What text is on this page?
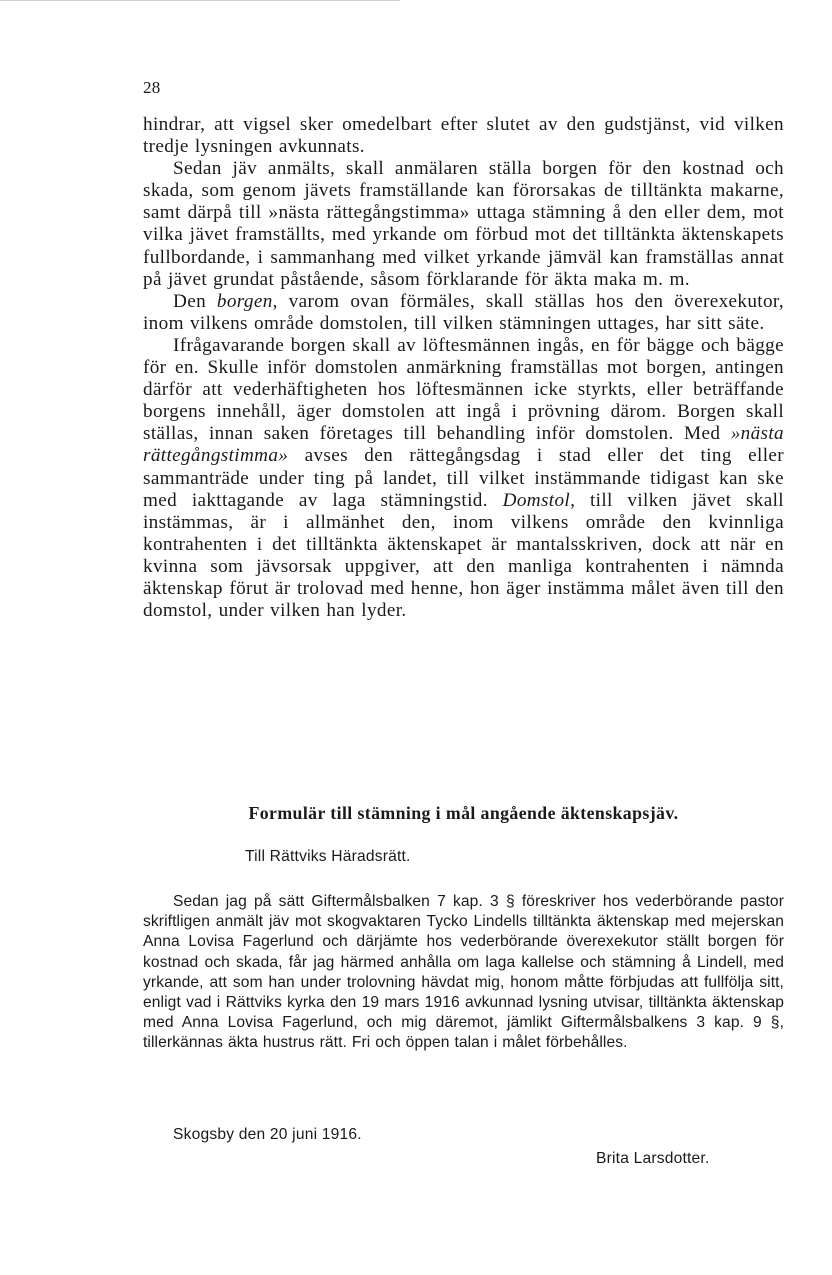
28

hindrar, att vigsel sker omedelbart efter slutet av den gudstjänst, vid vilken tredje lysningen avkunnats.

Sedan jäv anmälts, skall anmälaren ställa borgen för den kostnad och skada, som genom jävets framställande kan förorsakas de tilltänkta makarne, samt därpå till »nästa rättegångstimma» uttaga stämning å den eller dem, mot vilka jävet framställts, med yrkande om förbud mot det tilltänkta äktenskapets fullbordande, i sammanhang med vilket yrkande jämväl kan framställas annat på jävet grundat påstående, såsom förklarande för äkta maka m. m.

Den borgen, varom ovan förmäles, skall ställas hos den överexekutor, inom vilkens område domstolen, till vilken stämningen uttages, har sitt säte.

Ifrågavarande borgen skall av löftesmännen ingås, en för bägge och bägge för en. Skulle inför domstolen anmärkning framställas mot borgen, antingen därför att vederhäftigheten hos löftesmännen icke styrkts, eller beträffande borgens innehåll, äger domstolen att ingå i prövning därom. Borgen skall ställas, innan saken företages till behandling inför domstolen. Med »nästa rättegångstimma» avses den rättegångsdag i stad eller det ting eller sammanträde under ting på landet, till vilket instämmande tidigast kan ske med iakttagande av laga stämningstid. Domstol, till vilken jävet skall instämmas, är i allmänhet den, inom vilkens område den kvinnliga kontrahenten i det tilltänkta äktenskapet är mantalsskriven, dock att när en kvinna som jävsorsak uppgiver, att den manliga kontrahenten i nämnda äktenskap förut är trolovad med henne, hon äger instämma målet även till den domstol, under vilken han lyder.

Formulär till stämning i mål angående äktenskapsjäv.
Till Rättviks Häradsrätt.

Sedan jag på sätt Giftermålsbalken 7 kap. 3 § föreskriver hos vederbörande pastor skriftligen anmält jäv mot skogvaktaren Tycko Lindells tilltänkta äktenskap med mejerskan Anna Lovisa Fagerlund och därjämte hos vederbörande överexekutor ställt borgen för kostnad och skada, får jag härmed anhålla om laga kallelse och stämning å Lindell, med yrkande, att som han under trolovning hävdat mig, honom måtte förbjudas att fullfölja sitt, enligt vad i Rättviks kyrka den 19 mars 1916 avkunnad lysning utvisar, tilltänkta äktenskap med Anna Lovisa Fagerlund, och mig däremot, jämlikt Giftermålsbalkens 3 kap. 9 §, tillerkännas äkta hustrus rätt. Fri och öppen talan i målet förbehålles.

Skogsby den 20 juni 1916.
Brita Larsdotter.
